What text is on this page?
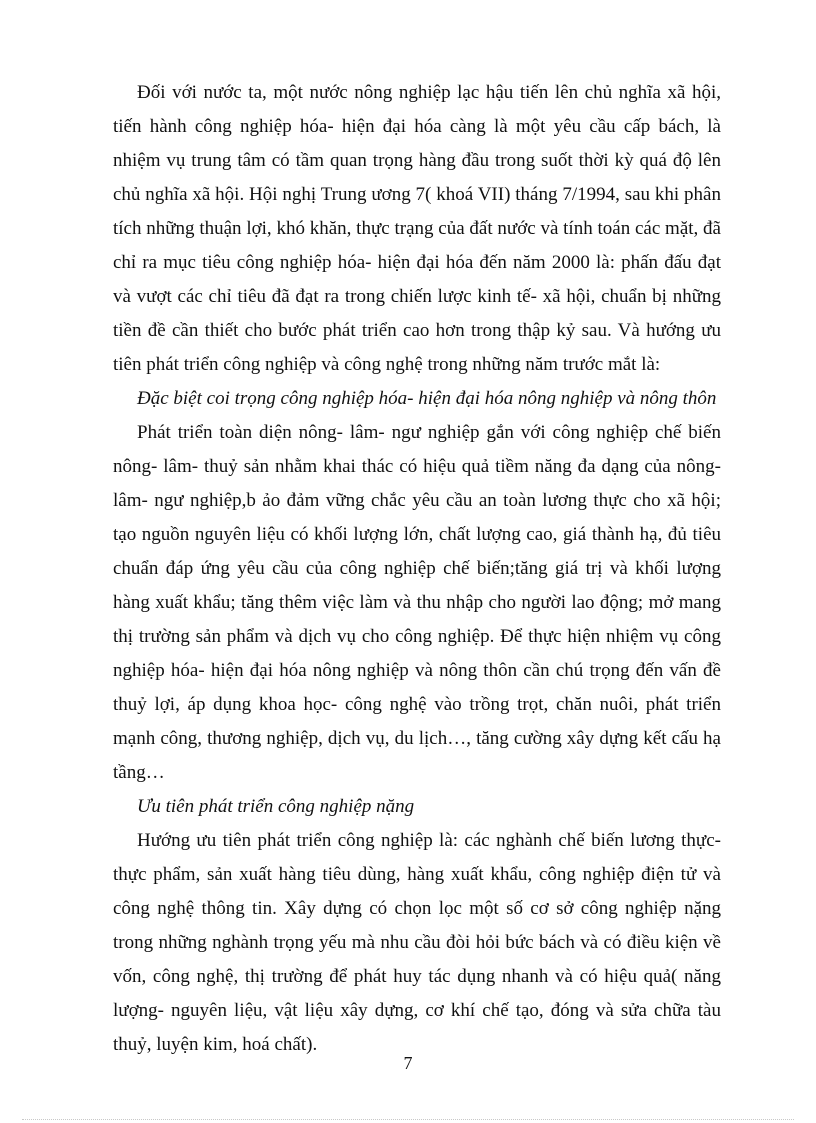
Đối với nước ta, một nước nông nghiệp lạc hậu tiến lên chủ nghĩa xã hội, tiến hành công nghiệp hóa- hiện đại hóa càng là một yêu cầu cấp bách, là nhiệm vụ trung tâm có tầm quan trọng hàng đầu trong suốt thời kỳ quá độ lên chủ nghĩa xã hội. Hội nghị Trung ương 7( khoá VII) tháng 7/1994, sau khi phân tích những thuận lợi, khó khăn, thực trạng của đất nước và tính toán các mặt, đã chỉ ra mục tiêu công nghiệp hóa- hiện đại hóa đến năm 2000 là: phấn đấu đạt và vượt các chỉ tiêu đã đạt ra trong chiến lược kinh tế- xã hội, chuẩn bị những tiền đề cần thiết cho bước phát triển cao hơn trong thập kỷ sau. Và hướng ưu tiên phát triển công nghiệp và công nghệ trong những năm trước mắt là:

Đặc biệt coi trọng công nghiệp hóa- hiện đại hóa nông nghiệp và nông thôn

Phát triển toàn diện nông- lâm- ngư nghiệp gắn với công nghiệp chế biến nông- lâm- thuỷ sản nhằm khai thác có hiệu quả tiềm năng đa dạng của nông- lâm- ngư nghiệp,b ảo đảm vững chắc yêu cầu an toàn lương thực cho xã hội; tạo nguồn nguyên liệu có khối lượng lớn, chất lượng cao, giá thành hạ, đủ tiêu chuẩn đáp ứng yêu cầu của công nghiệp chế biến;tăng giá trị và khối lượng hàng xuất khẩu; tăng thêm việc làm và thu nhập cho người lao động; mở mang thị trường sản phẩm và dịch vụ cho công nghiệp. Để thực hiện nhiệm vụ công nghiệp hóa- hiện đại hóa nông nghiệp và nông thôn cần chú trọng đến vấn đề thuỷ lợi, áp dụng khoa học- công nghệ vào trồng trọt, chăn nuôi, phát triển mạnh công, thương nghiệp, dịch vụ, du lịch…, tăng cường xây dựng kết cấu hạ tầng…

Ưu tiên phát triển công nghiệp nặng

Hướng ưu tiên phát triển công nghiệp là: các nghành chế biến lương thực- thực phẩm, sản xuất hàng tiêu dùng, hàng xuất khẩu, công nghiệp điện tử và công nghệ thông tin. Xây dựng có chọn lọc một số cơ sở công nghiệp nặng trong những nghành trọng yếu mà nhu cầu đòi hỏi bức bách và có điều kiện về vốn, công nghệ, thị trường để phát huy tác dụng nhanh và có hiệu quả( năng lượng- nguyên liệu, vật liệu xây dựng, cơ khí chế tạo, đóng và sửa chữa tàu thuỷ, luyện kim, hoá chất).

7
